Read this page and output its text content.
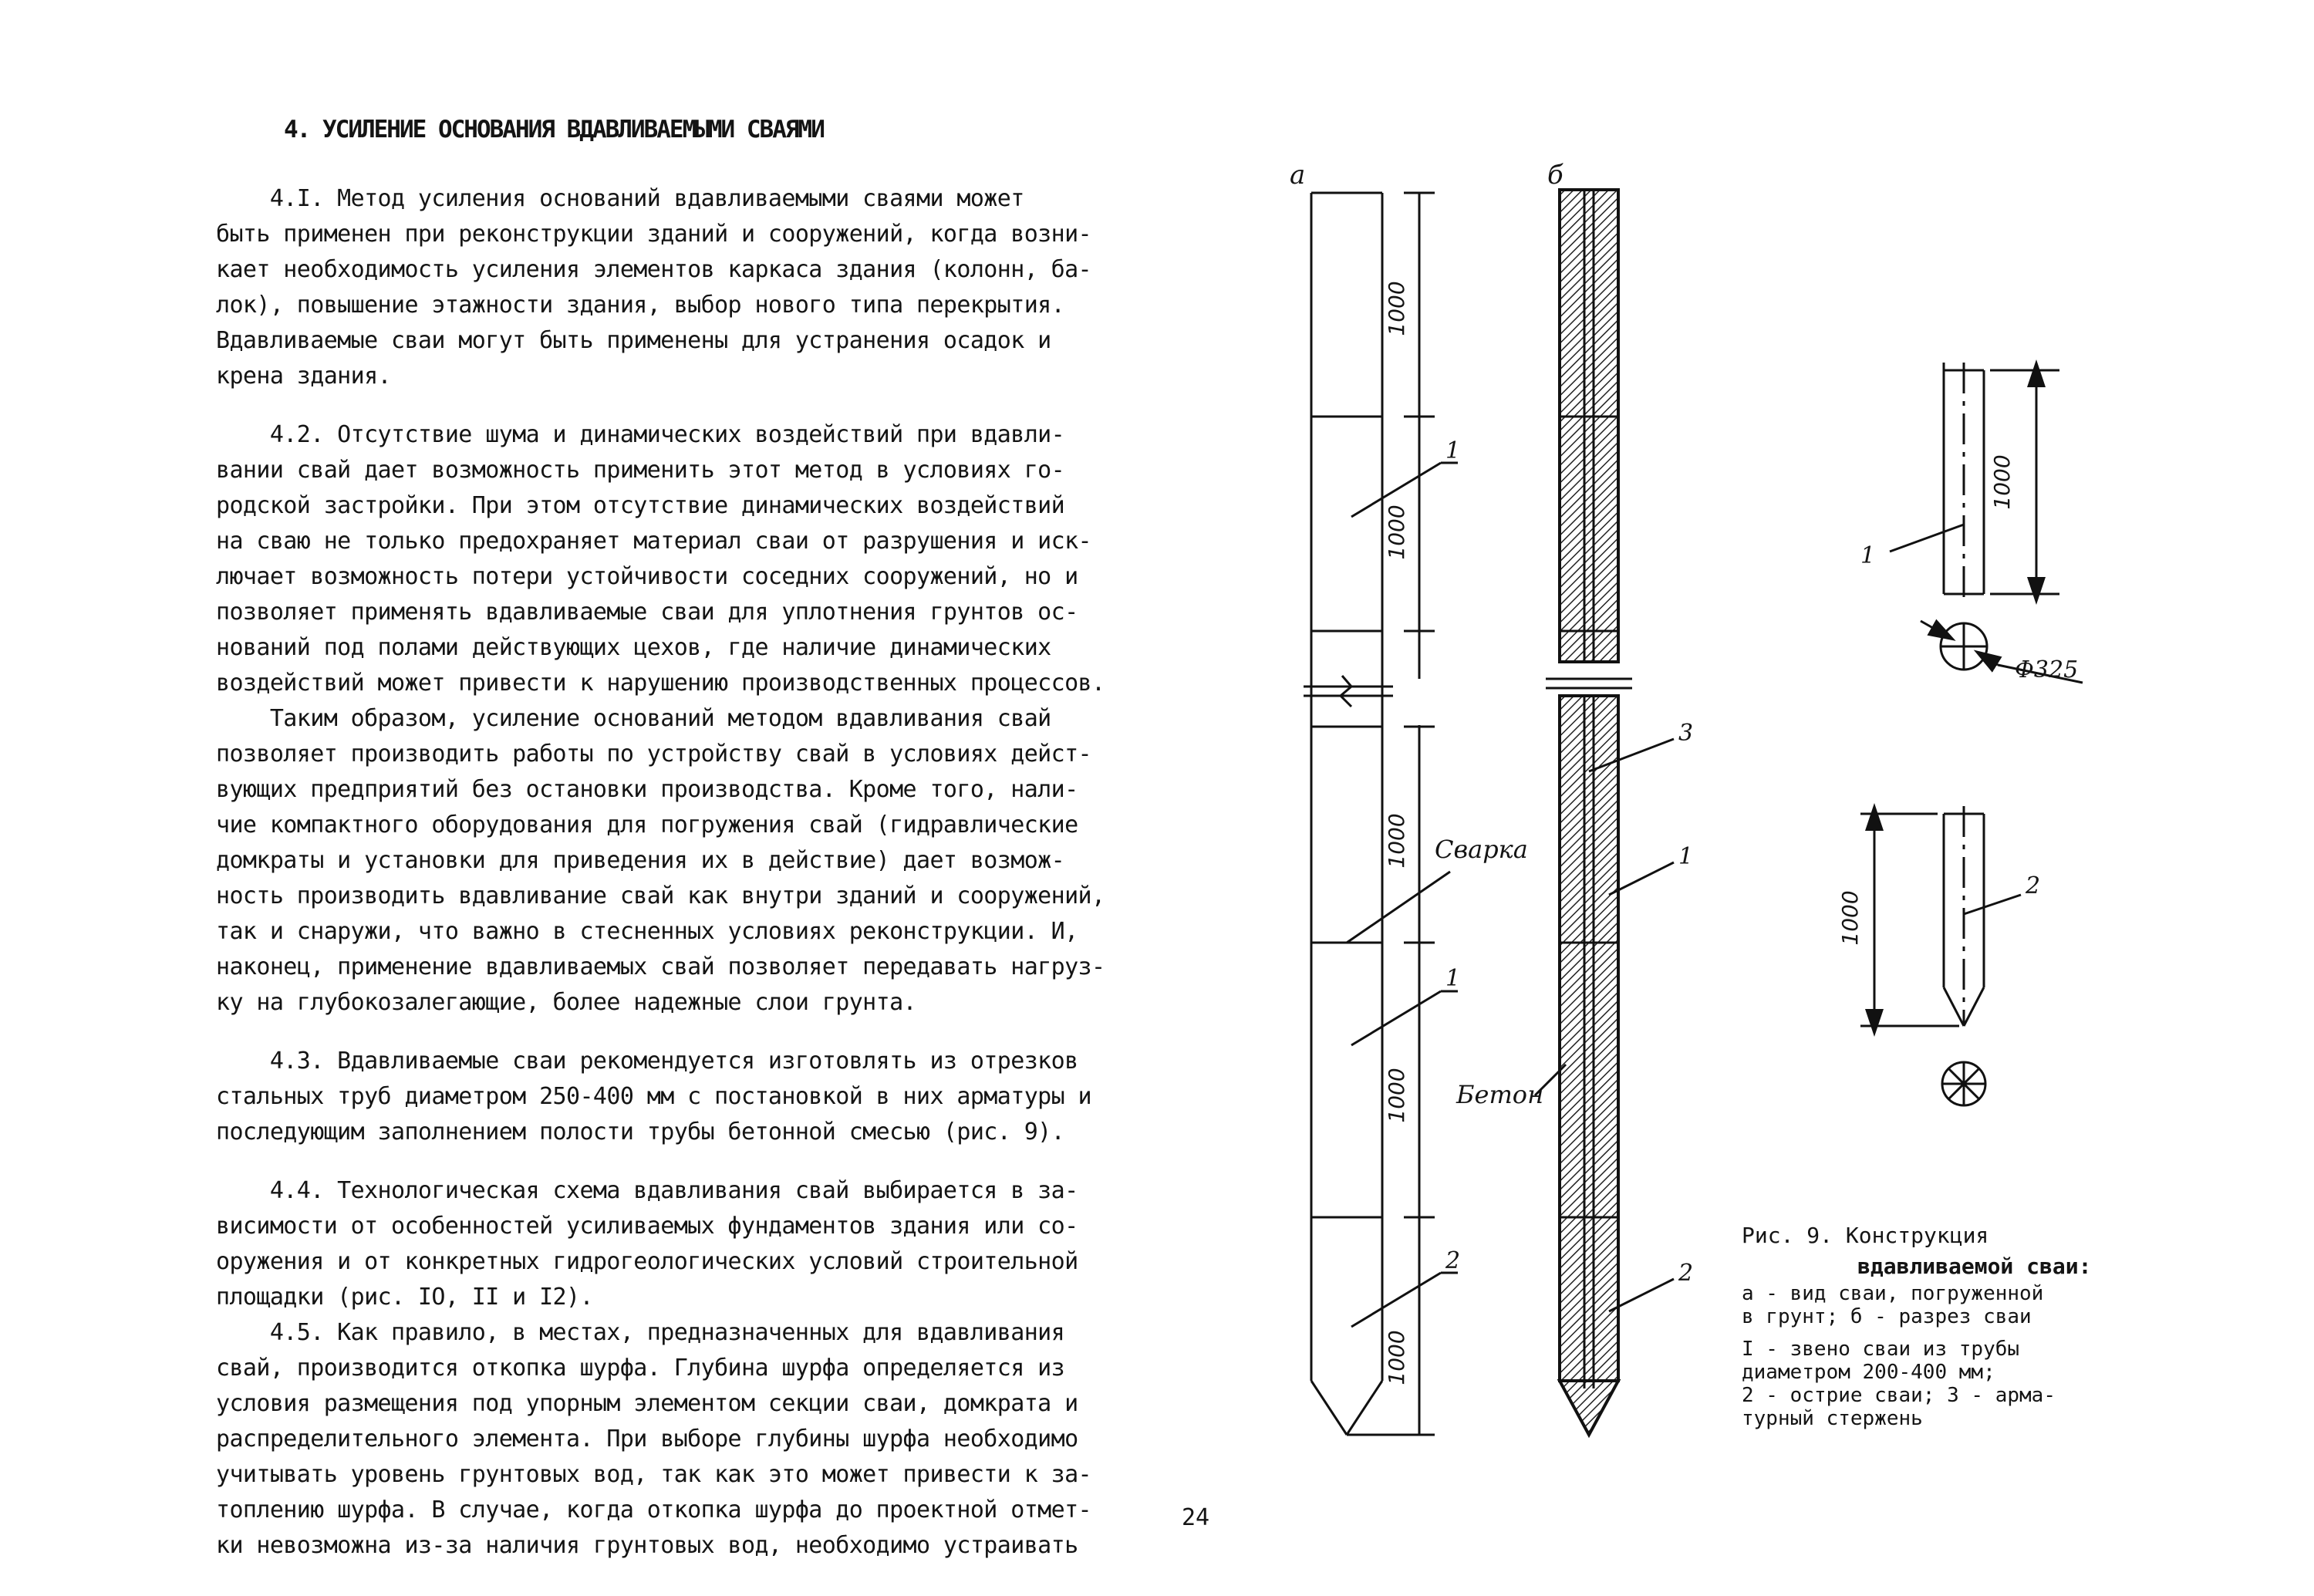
4. УСИЛЕНИЕ ОСНОВАНИЯ ВДАВЛИВАЕМЫМИ СВАЯМИ
4.I. Метод усиления оснований вдавливаемыми сваями может
быть применен при реконструкции зданий и сооружений, когда возни-
кает необходимость усиления элементов каркаса здания (колонн, ба-
лок), повышение этажности здания, выбор нового типа перекрытия.
Вдавливаемые сваи могут быть применены для устранения осадок и
крена здания.
4.2. Отсутствие шума и динамических воздействий при вдавли-
вании свай дает возможность применить этот метод в условиях го-
родской застройки. При этом отсутствие динамических воздействий
на сваю не только предохраняет материал сваи от разрушения и иск-
лючает возможность потери устойчивости соседних сооружений, но и
позволяет применять вдавливаемые сваи для уплотнения грунтов ос-
нований под полами действующих цехов, где наличие динамических
воздействий может привести к нарушению производственных процессов.
Таким образом, усиление оснований методом вдавливания свай
позволяет производить работы по устройству свай в условиях дейст-
вующих предприятий без остановки производства. Кроме того, нали-
чие компактного оборудования для погружения свай (гидравлические
домкраты и установки для приведения их в действие) дает возмож-
ность производить вдавливание свай как внутри зданий и сооружений,
так и снаружи, что важно в стесненных условиях реконструкции. И,
наконец, применение вдавливаемых свай позволяет передавать нагруз-
ку на глубокозалегающие, более надежные слои грунта.
4.3. Вдавливаемые сваи рекомендуется изготовлять из отрезков
стальных труб диаметром 250-400 мм с постановкой в них арматуры и
последующим заполнением полости трубы бетонной смесью (рис. 9).
4.4. Технологическая схема вдавливания свай выбирается в за-
висимости от особенностей усиливаемых фундаментов здания или со-
оружения и от конкретных гидрогеологических условий строительной
площадки (рис. IO, II и I2).
4.5. Как правило, в местах, предназначенных для вдавливания
свай, производится откопка шурфа. Глубина шурфа определяется из
условия размещения под упорным элементом секции сваи, домкрата и
распределительного элемента. При выборе глубины шурфа необходимо
учитывать уровень грунтовых вод, так как это может привести к за-
топлению шурфа. В случае, когда откопка шурфа до проектной отмет-
ки невозможна из-за наличия грунтовых вод, необходимо устраивать
а
1000
1000
1000
1000
1000
1
1
2
Сварка
б
3
1
2
Бетон
1000
1
Ф325
1000
2
Рис. 9. Конструкция
вдавливаемой сваи:
а - вид сваи, погруженной
в грунт; б - разрез сваи
I - звено сваи из трубы
диаметром 200-400 мм;
2 - острие сваи; 3 - арма-
турный стержень
24
